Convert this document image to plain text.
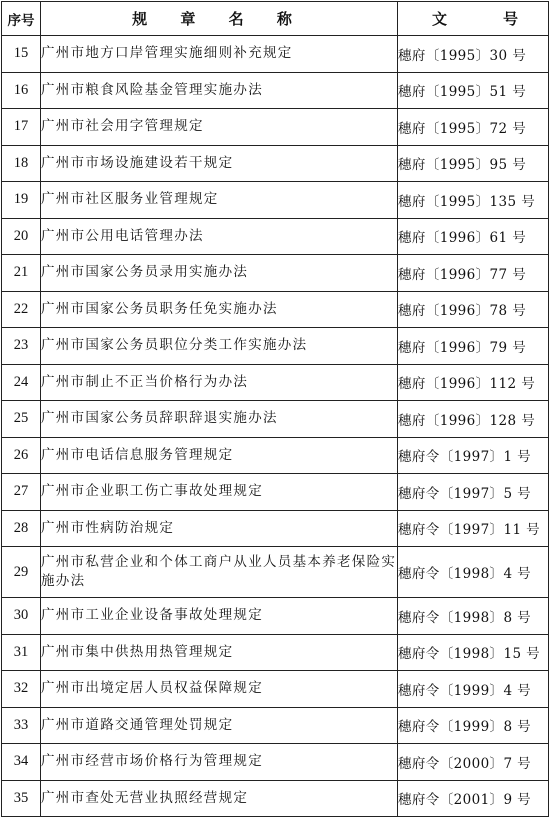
序号	规 章 名 称	文 号

15	广州市地方口岸管理实施细则补充规定	穗府〔1995〕30 号
16	广州市粮食风险基金管理实施办法	穗府〔1995〕51 号
17	广州市社会用字管理规定	穗府〔1995〕72 号
18	广州市市场设施建设若干规定	穗府〔1995〕95 号
19	广州市社区服务业管理规定	穗府〔1995〕135 号
20	广州市公用电话管理办法	穗府〔1996〕61 号
21	广州市国家公务员录用实施办法	穗府〔1996〕77 号
22	广州市国家公务员职务任免实施办法	穗府〔1996〕78 号
23	广州市国家公务员职位分类工作实施办法	穗府〔1996〕79 号
24	广州市制止不正当价格行为办法	穗府〔1996〕112 号
25	广州市国家公务员辞职辞退实施办法	穗府〔1996〕128 号
26	广州市电话信息服务管理规定	穗府令〔1997〕1 号
27	广州市企业职工伤亡事故处理规定	穗府令〔1997〕5 号
28	广州市性病防治规定	穗府令〔1997〕11 号
29	广州市私营企业和个体工商户从业人员基本养老保险实施办法	穗府令〔1998〕4 号
30	广州市工业企业设备事故处理规定	穗府令〔1998〕8 号
31	广州市集中供热用热管理规定	穗府令〔1998〕15 号
32	广州市出境定居人员权益保障规定	穗府令〔1999〕4 号
33	广州市道路交通管理处罚规定	穗府令〔1999〕8 号
34	广州市经营市场价格行为管理规定	穗府令〔2000〕7 号
35	广州市查处无营业执照经营规定	穗府令〔2001〕9 号
